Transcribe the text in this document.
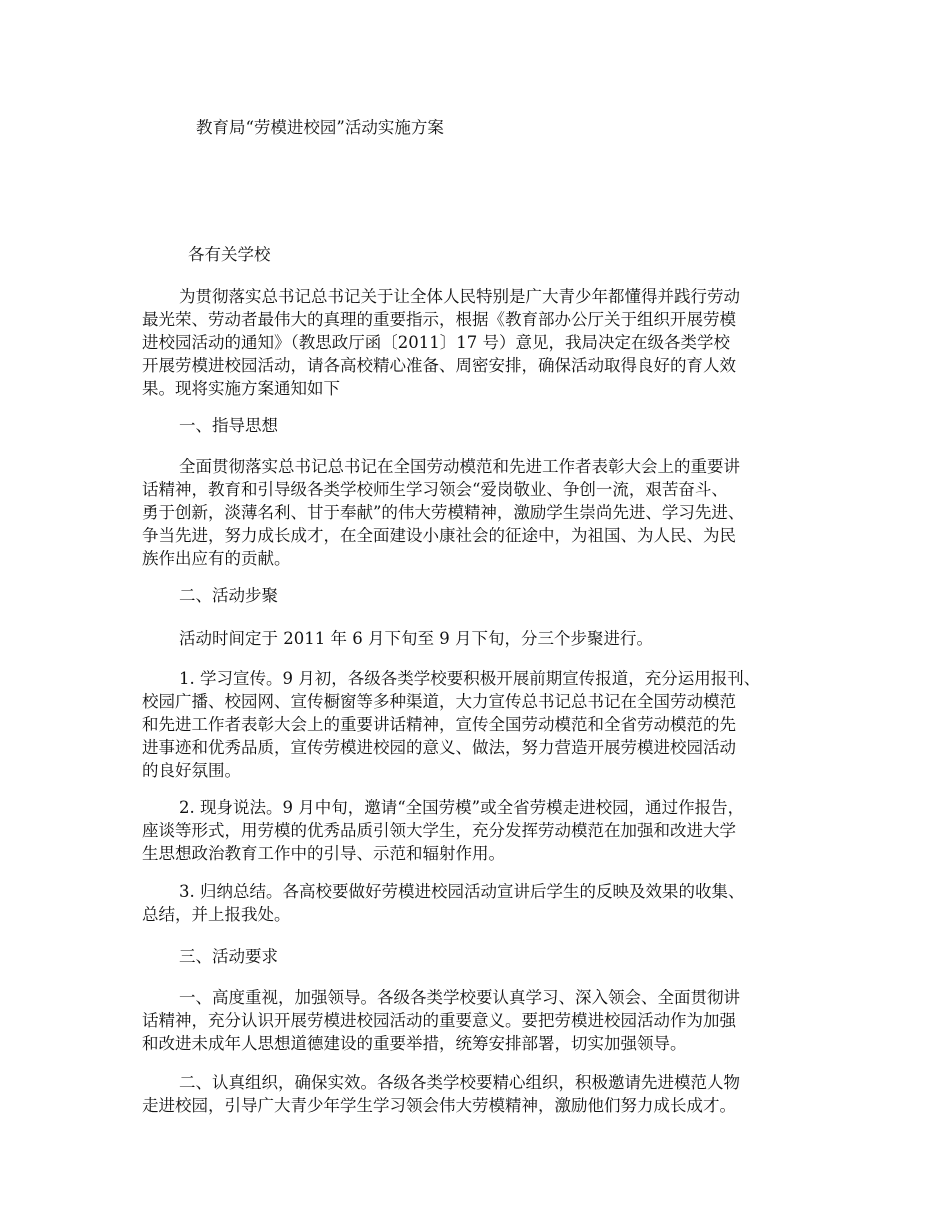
教育局“劳模进校园”活动实施方案
各有关学校
为贯彻落实总书记总书记关于让全体人民特别是广大青少年都懂得并践行劳动
最光荣、劳动者最伟大的真理的重要指示，根据《教育部办公厅关于组织开展劳模
进校园活动的通知》（教思政厅函〔2011〕17 号）意见，我局决定在级各类学校
开展劳模进校园活动，请各高校精心准备、周密安排，确保活动取得良好的育人效
果。现将实施方案通知如下
一、指导思想
全面贯彻落实总书记总书记在全国劳动模范和先进工作者表彰大会上的重要讲
话精神，教育和引导级各类学校师生学习领会“爱岗敬业、争创一流，艰苦奋斗、
勇于创新，淡薄名利、甘于奉献”的伟大劳模精神，激励学生崇尚先进、学习先进、
争当先进，努力成长成才，在全面建设小康社会的征途中，为祖国、为人民、为民
族作出应有的贡献。
二、活动步聚
活动时间定于 2011 年 6 月下旬至 9 月下旬，分三个步聚进行。
1. 学习宣传。9 月初，各级各类学校要积极开展前期宣传报道，充分运用报刊、
校园广播、校园网、宣传橱窗等多种渠道，大力宣传总书记总书记在全国劳动模范
和先进工作者表彰大会上的重要讲话精神，宣传全国劳动模范和全省劳动模范的先
进事迹和优秀品质，宣传劳模进校园的意义、做法，努力营造开展劳模进校园活动
的良好氛围。
2. 现身说法。9 月中旬，邀请“全国劳模”或全省劳模走进校园，通过作报告，
座谈等形式，用劳模的优秀品质引领大学生，充分发挥劳动模范在加强和改进大学
生思想政治教育工作中的引导、示范和辐射作用。
3. 归纳总结。各高校要做好劳模进校园活动宣讲后学生的反映及效果的收集、
总结，并上报我处。
三、活动要求
一、高度重视，加强领导。各级各类学校要认真学习、深入领会、全面贯彻讲
话精神，充分认识开展劳模进校园活动的重要意义。要把劳模进校园活动作为加强
和改进未成年人思想道德建设的重要举措，统筹安排部署，切实加强领导。
二、认真组织，确保实效。各级各类学校要精心组织，积极邀请先进模范人物
走进校园，引导广大青少年学生学习领会伟大劳模精神，激励他们努力成长成才。
